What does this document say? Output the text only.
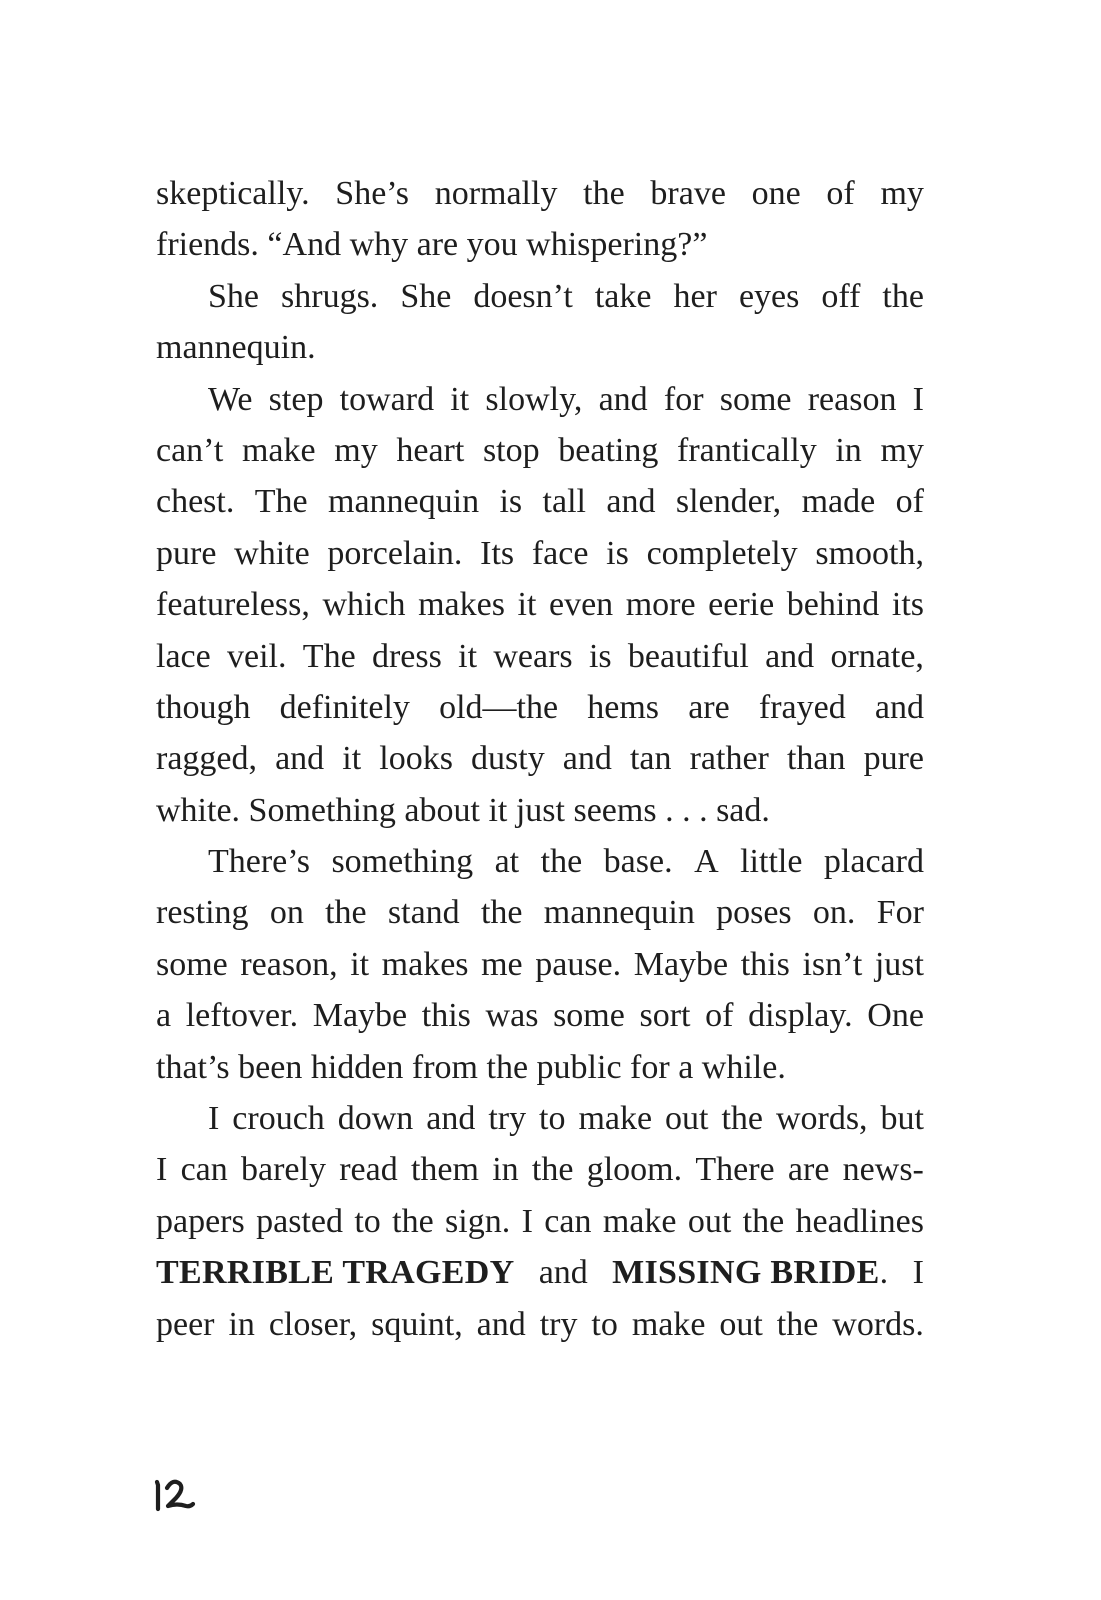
skeptically. She’s normally the brave one of my
friends. “And why are you whispering?”
She shrugs. She doesn’t take her eyes off the
mannequin.
We step toward it slowly, and for some reason I
can’t make my heart stop beating frantically in my
chest. The mannequin is tall and slender, made of
pure white porcelain. Its face is completely smooth,
featureless, which makes it even more eerie behind its
lace veil. The dress it wears is beautiful and ornate,
though definitely old—the hems are frayed and
ragged, and it looks dusty and tan rather than pure
white. Something about it just seems . . . sad.
There’s something at the base. A little placard
resting on the stand the mannequin poses on. For
some reason, it makes me pause. Maybe this isn’t just
a leftover. Maybe this was some sort of display. One
that’s been hidden from the public for a while.
I crouch down and try to make out the words, but
I can barely read them in the gloom. There are news-
papers pasted to the sign. I can make out the headlines
TERRIBLE TRAGEDY and MISSING BRIDE. I
peer in closer, squint, and try to make out the words.
